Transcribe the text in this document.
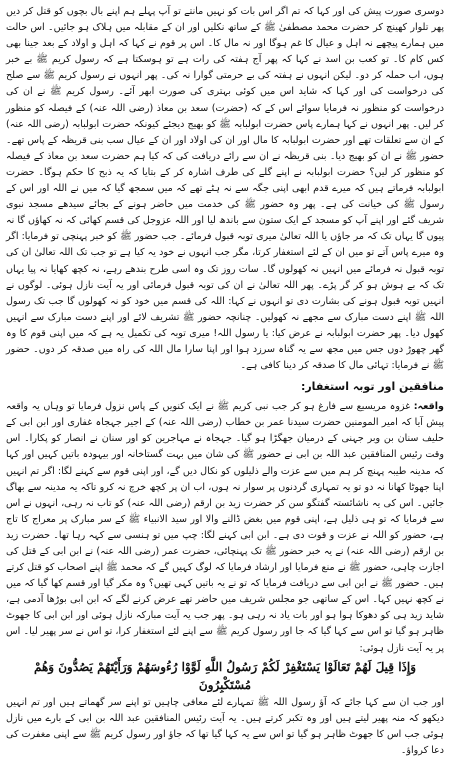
دوسری صورت پیش کی اور کہا کہ تم اگر اس بات کو نہیں مانتے تو آپ پہلے ہم اپنے بال بچوں کو قتل کر دیں پھر تلوار کھینچ کر حضرت محمد مصطفیٰ ﷺ کے ساتھ نکلیں اور ان کے مقابلہ میں ہلاک ہو جائیں۔ اس حالت میں ہمارے پیچھے نہ اہل و عیال کا غم ہوگا اور نہ مال کا۔ اس پر قوم نے کہا کہ اہل و اولاد کے بعد جینا بھی کس کام کا۔ تو کعب بن اسد نے کہا کہ پھر آج ہفتہ کی رات ہے تو ہوسکتا ہے کہ رسول کریم ﷺ بے خبر ہوں، اب حملہ کر دو۔ لیکن انہوں نے ہفتہ کی بے حرمتی گوارا نہ کی۔ پھر انہوں نے رسول کریم ﷺ سے صلح کی درخواست کی اور کہا کہ شاید اس میں کوئی بہتری کی صورت ابھر آئے۔ رسول کریم ﷺ نے ان کی درخواست کو منظور نہ فرمایا سوائے اس کے کہ (حضرت) سعد بن معاذ (رضی اللہ عنہ) کے فیصلہ کو منظور کر لیں۔ پھر انہوں نے کہا ہمارے پاس حضرت ابولبابہ ﷺ کو بھیج دیجئے کیونکہ حضرت ابولبابہ (رضی اللہ عنہ) کے ان سے تعلقات تھے اور حضرت ابولبابہ کا مال اور ان کی اولاد اور ان کے عیال سب بنی قریظہ کے پاس تھے۔ حضور ﷺ نے ان کو بھیج دیا۔ بنی قریظہ نے ان سے رائے دریافت کی کہ کیا ہم حضرت سعد بن معاذ کے فیصلہ کو منظور کر لیں؟ حضرت ابولبابہ نے اپنے گلے کی طرف اشارہ کر کے بتایا کہ یہ ذبح کا حکم ہوگا۔ حضرت ابولبابہ فرماتے ہیں کہ میرے قدم ابھی اپنی جگہ سے نہ ہٹے تھے کہ میں سمجھ گیا کہ میں نے اللہ اور اس کے رسول ﷺ کی خیانت کی ہے۔ پھر وہ حضور ﷺ کی خدمت میں حاضر ہونے کے بجائے سیدھے مسجد نبوی شریف گئے اور اپنے آپ کو مسجد کے ایک ستون سے باندھ لیا اور اللہ عزوجل کی قسم کھائی کہ نہ کھاؤں گا نہ پیوں گا یہاں تک کہ مر جاؤں یا اللہ تعالیٰ میری توبہ قبول فرمائے۔ جب حضور ﷺ کو خبر پہنچی تو فرمایا: اگر وہ میرے پاس آتے تو میں ان کے لئے استغفار کرتا، مگر جب انہوں نے خود یہ کیا ہے تو جب تک اللہ تعالیٰ ان کی توبہ قبول نہ فرمائے میں انہیں نہ کھولوں گا۔ سات روز تک وہ اسی طرح بندھے رہے، نہ کچھ کھایا نہ پیا یہاں تک کہ بے ہوش ہو کر گر پڑے۔ پھر اللہ تعالیٰ نے ان کی توبہ قبول فرمائی اور یہ آیت نازل ہوئی۔ لوگوں نے انہیں توبہ قبول ہونے کی بشارت دی تو انہوں نے کہا: اللہ کی قسم میں خود کو نہ کھولوں گا جب تک رسول اللہ ﷺ اپنے دست مبارک سے مجھے نہ کھولیں۔ چنانچہ حضور ﷺ تشریف لائے اور اپنے دست مبارک سے انہیں کھول دیا۔ پھر حضرت ابولبابہ نے عرض کیا: یا رسول اللہ! میری توبہ کی تکمیل یہ ہے کہ میں اپنی قوم کا وہ گھر چھوڑ دوں جس میں مجھ سے یہ گناہ سرزد ہوا اور اپنا سارا مال اللہ کی راہ میں صدقہ کر دوں۔ حضور ﷺ نے فرمایا: تہائی مال کا صدقہ کر دینا کافی ہے۔

منافقین اور توبہ استغفار:

واقعہ: غزوہ مریسیع سے فارغ ہو کر جب نبی کریم ﷺ نے ایک کنویں کے پاس نزول فرمایا تو وہاں یہ واقعہ پیش آیا کہ امیر المومنین حضرت سیدنا عمر بن خطاب (رضی اللہ عنہ) کے اجیر جہجاہ غفاری اور ابن ابی کے حلیف سنان بن وبر جہنی کے درمیان جھگڑا ہو گیا۔ جہجاہ نے مہاجرین کو اور سنان نے انصار کو پکارا۔ اس وقت رئیس المنافقین عبد اللہ بن ابی نے حضور ﷺ کی شان میں بہت گستاخانہ اور بیہودہ باتیں کہیں اور کہا کہ مدینہ طیبہ پہنچ کر ہم میں سے عزت والے ذلیلوں کو نکال دیں گے، اور اپنی قوم سے کہنے لگا: اگر تم انہیں اپنا جھوٹا کھانا نہ دو تو یہ تمہاری گردنوں پر سوار نہ ہوں، اب ان پر کچھ خرچ نہ کرو تاکہ یہ مدینہ سے بھاگ جائیں۔ اس کی یہ ناشائستہ گفتگو سن کر حضرت زید بن ارقم (رضی اللہ عنہ) کو تاب نہ رہی، انہوں نے اس سے فرمایا کہ تو ہی ذلیل ہے، اپنی قوم میں بغض ڈالنے والا اور سید الانبیاء ﷺ کے سر مبارک پر معراج کا تاج ہے، حضور کو اللہ نے عزت و قوت دی ہے۔ ابن ابی کہنے لگا: چپ میں تو ہنسی سے کہہ رہا تھا۔ حضرت زید بن ارقم (رضی اللہ عنہ) نے یہ خبر حضور ﷺ تک پہنچائی، حضرت عمر (رضی اللہ عنہ) نے ابن ابی کے قتل کی اجازت چاہی، حضور ﷺ نے منع فرمایا اور ارشاد فرمایا کہ لوگ کہیں گے کہ محمد ﷺ اپنے اصحاب کو قتل کرتے ہیں۔ حضور ﷺ نے ابن ابی سے دریافت فرمایا کہ تو نے یہ باتیں کہی تھیں؟ وہ مکر گیا اور قسم کھا گیا کہ میں نے کچھ نہیں کہا۔ اس کے ساتھی جو مجلس شریف میں حاضر تھے عرض کرنے لگے کہ ابن ابی بوڑھا آدمی ہے، شاید زید ہی کو دھوکا ہوا ہو اور بات یاد نہ رہی ہو۔ پھر جب یہ آیت مبارکہ نازل ہوئی اور ابن ابی کا جھوٹ ظاہر ہو گیا تو اس سے کہا گیا کہ جا اور رسول کریم ﷺ سے اپنے لئے استغفار کرا، تو اس نے سر پھیر لیا۔ اس پر یہ آیت نازل ہوئی:

وَإِذَا قِيلَ لَهُمْ تَعَالَوْا يَسْتَغْفِرْ لَكُمْ رَسُولُ اللَّهِ لَوَّوْا رُءُوسَهُمْ وَرَأَيْتَهُمْ يَصُدُّونَ وَهُمْ مُسْتَكْبِرُونَ

اور جب ان سے کہا جائے کہ آؤ رسول اللہ ﷺ تمہارے لئے معافی چاہیں تو اپنے سر گھماتے ہیں اور تم انہیں دیکھو کہ منہ پھیر لیتے ہیں اور وہ تکبر کرتے ہیں۔ یہ آیت رئیس المنافقین عبد اللہ بن ابی کے بارے میں نازل ہوئی جب اس کا جھوٹ ظاہر ہو گیا تو اس سے یہ کہا گیا تھا کہ جاؤ اور رسول کریم ﷺ سے اپنی مغفرت کی دعا کرواؤ۔
